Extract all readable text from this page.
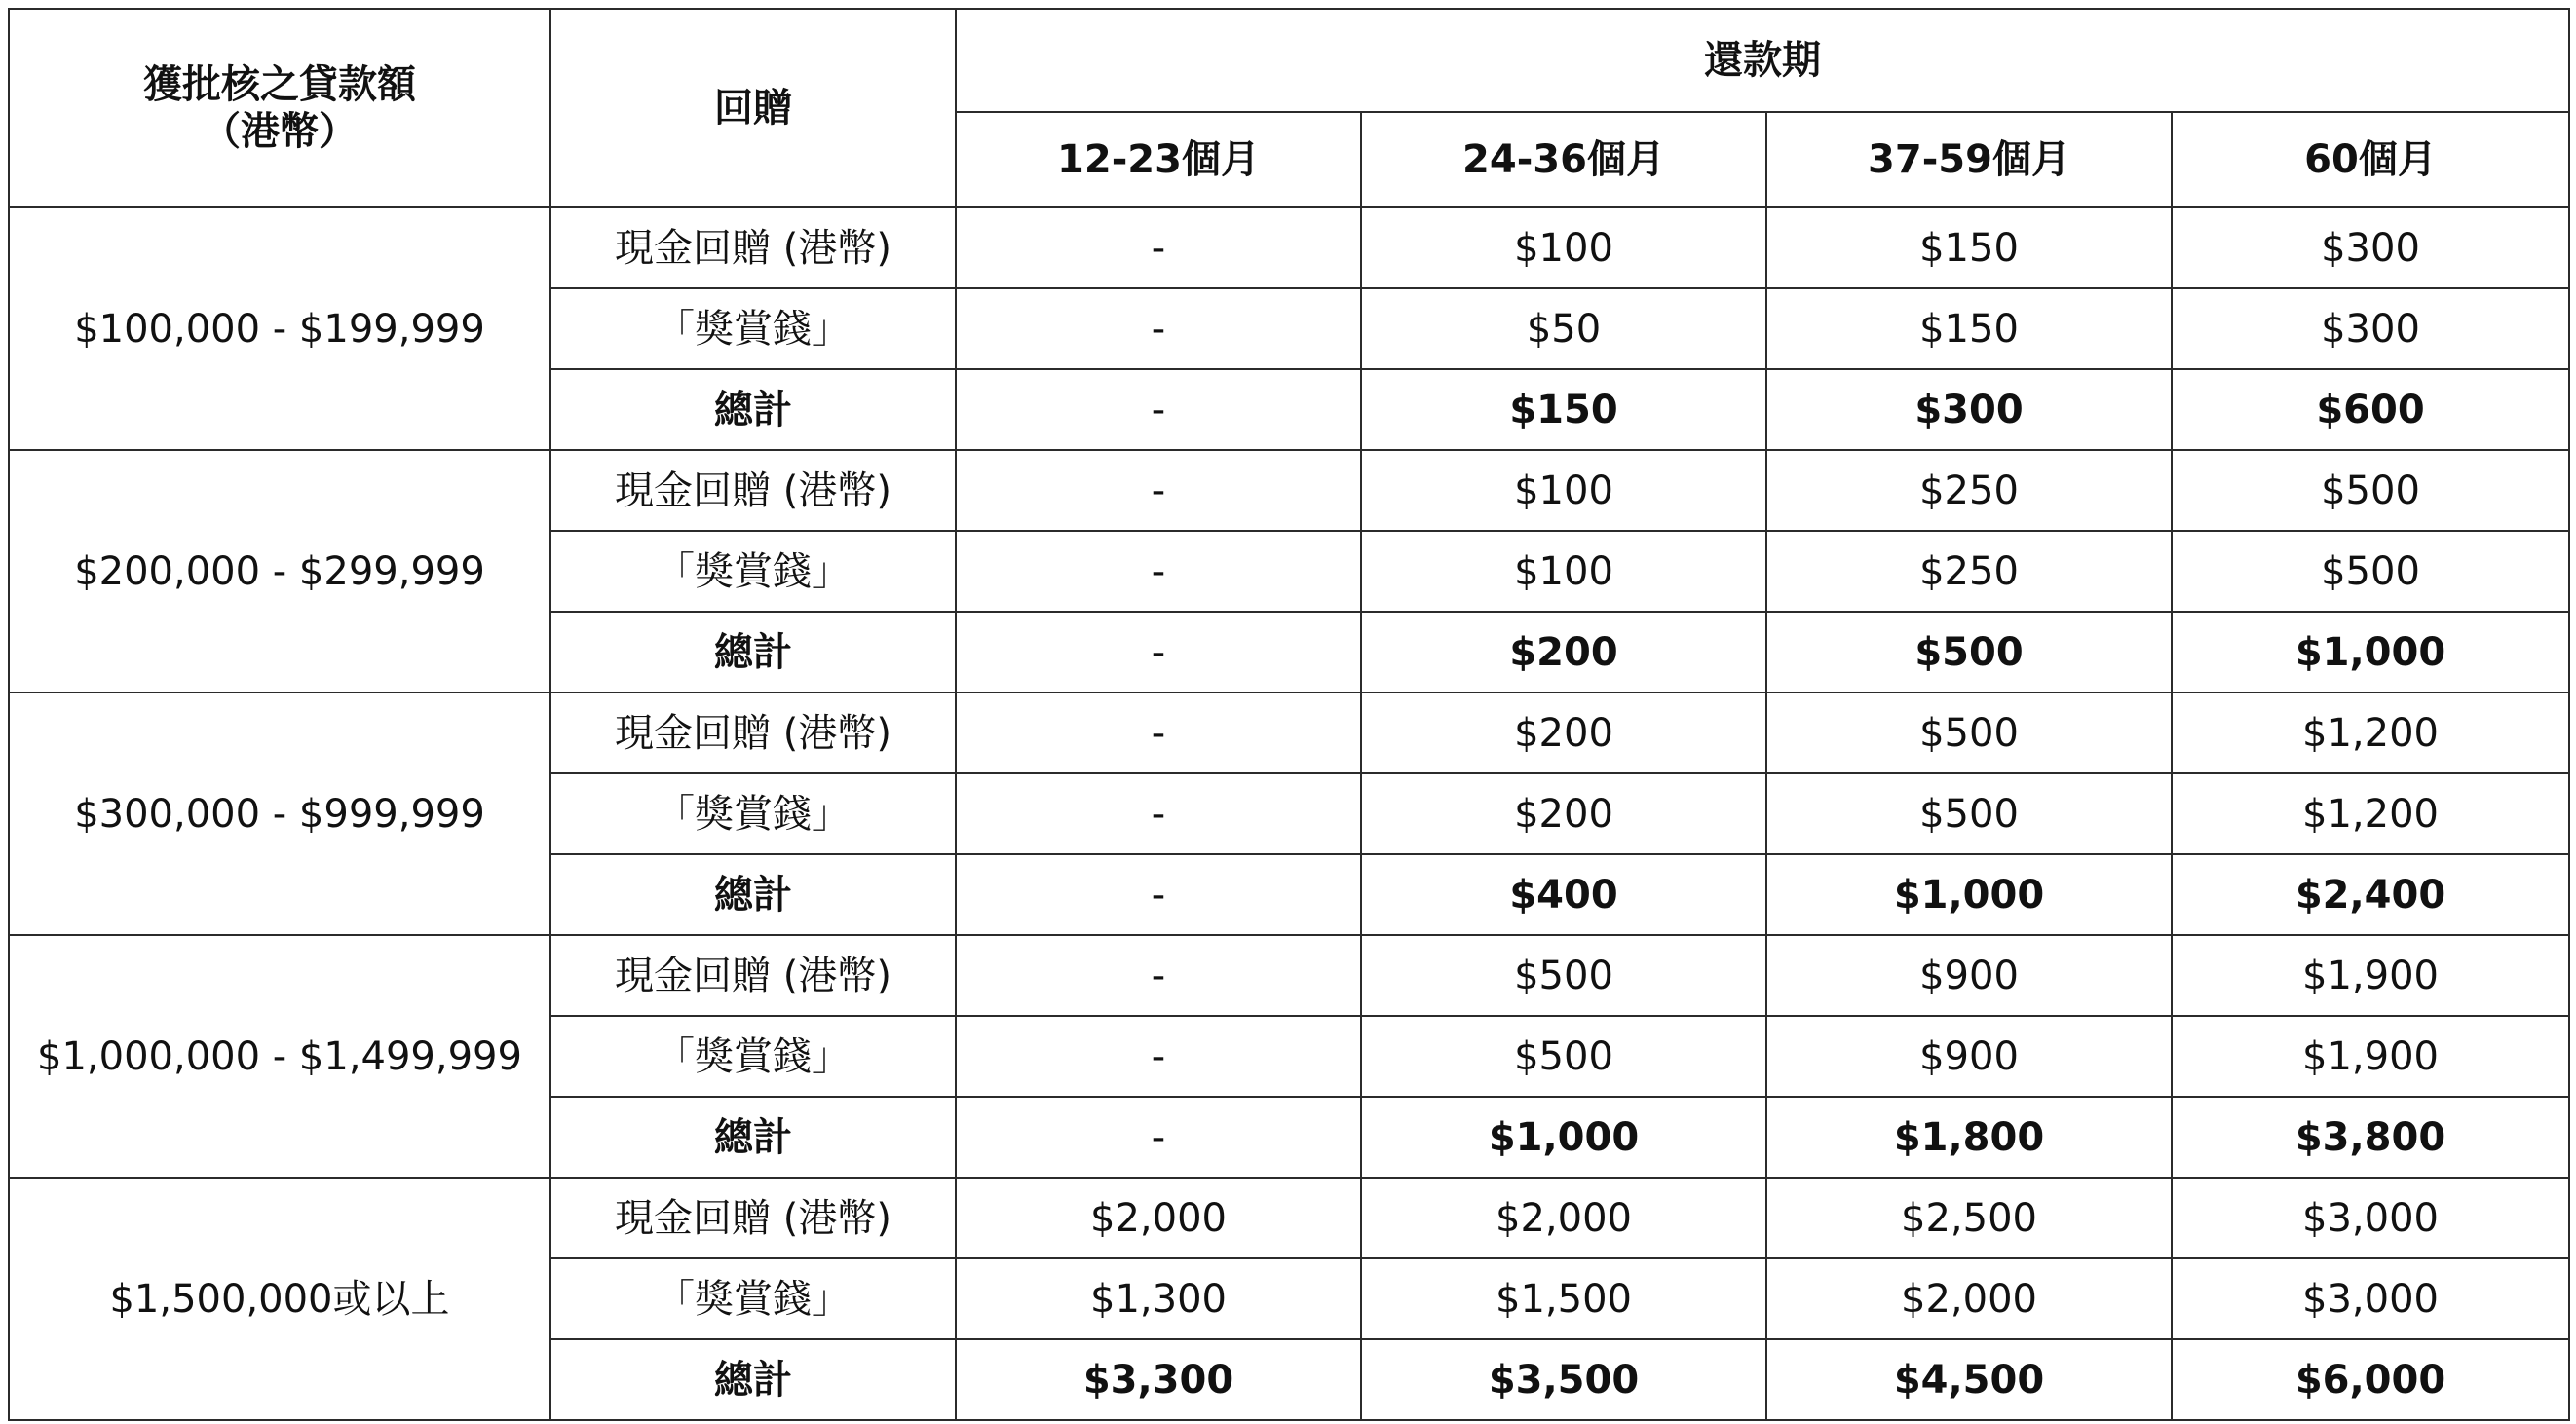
獲批核之貸款額
（港幣）	回贈	還款期			
		12-23個月	24-36個月	37-59個月	60個月
$100,000 - $199,999	現金回贈 (港幣)	-	$100	$150	$300
	「獎賞錢」	-	$50	$150	$300
	總計	-	$150	$300	$600
$200,000 - $299,999	現金回贈 (港幣)	-	$100	$250	$500
	「獎賞錢」	-	$100	$250	$500
	總計	-	$200	$500	$1,000
$300,000 - $999,999	現金回贈 (港幣)	-	$200	$500	$1,200
	「獎賞錢」	-	$200	$500	$1,200
	總計	-	$400	$1,000	$2,400
$1,000,000 - $1,499,999	現金回贈 (港幣)	-	$500	$900	$1,900
	「獎賞錢」	-	$500	$900	$1,900
	總計	-	$1,000	$1,800	$3,800
$1,500,000或以上	現金回贈 (港幣)	$2,000	$2,000	$2,500	$3,000
	「獎賞錢」	$1,300	$1,500	$2,000	$3,000
	總計	$3,300	$3,500	$4,500	$6,000
